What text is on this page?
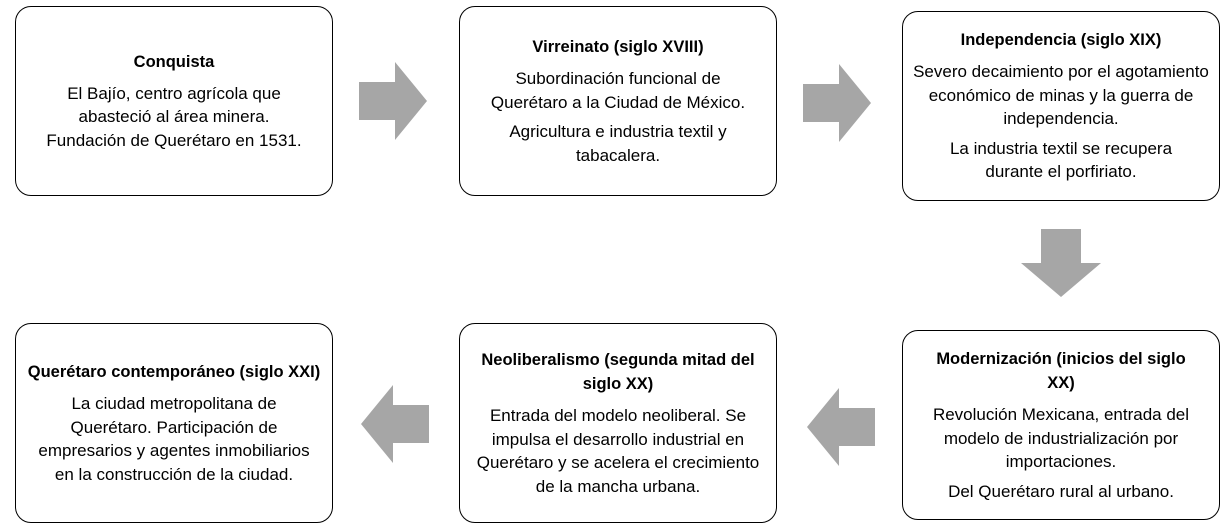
Conquista
El Bajío, centro agrícola que abasteció al área minera. Fundación de Querétaro en 1531.
Virreinato (siglo XVIII)
Subordinación funcional de Querétaro a la Ciudad de México.
Agricultura e industria textil y tabacalera.
Independencia (siglo XIX)
Severo decaimiento por el agotamiento económico de minas y la guerra de independencia.
La industria textil se recupera durante el porfiriato.
Modernización (inicios del siglo XX)
Revolución Mexicana, entrada del modelo de industrialización por importaciones.
Del Querétaro rural al urbano.
Neoliberalismo (segunda mitad del siglo XX)
Entrada del modelo neoliberal. Se impulsa el desarrollo industrial en Querétaro y se acelera el crecimiento de la mancha urbana.
Querétaro contemporáneo (siglo XXI)
La ciudad metropolitana de Querétaro. Participación de empresarios y agentes inmobiliarios en la construcción de la ciudad.
